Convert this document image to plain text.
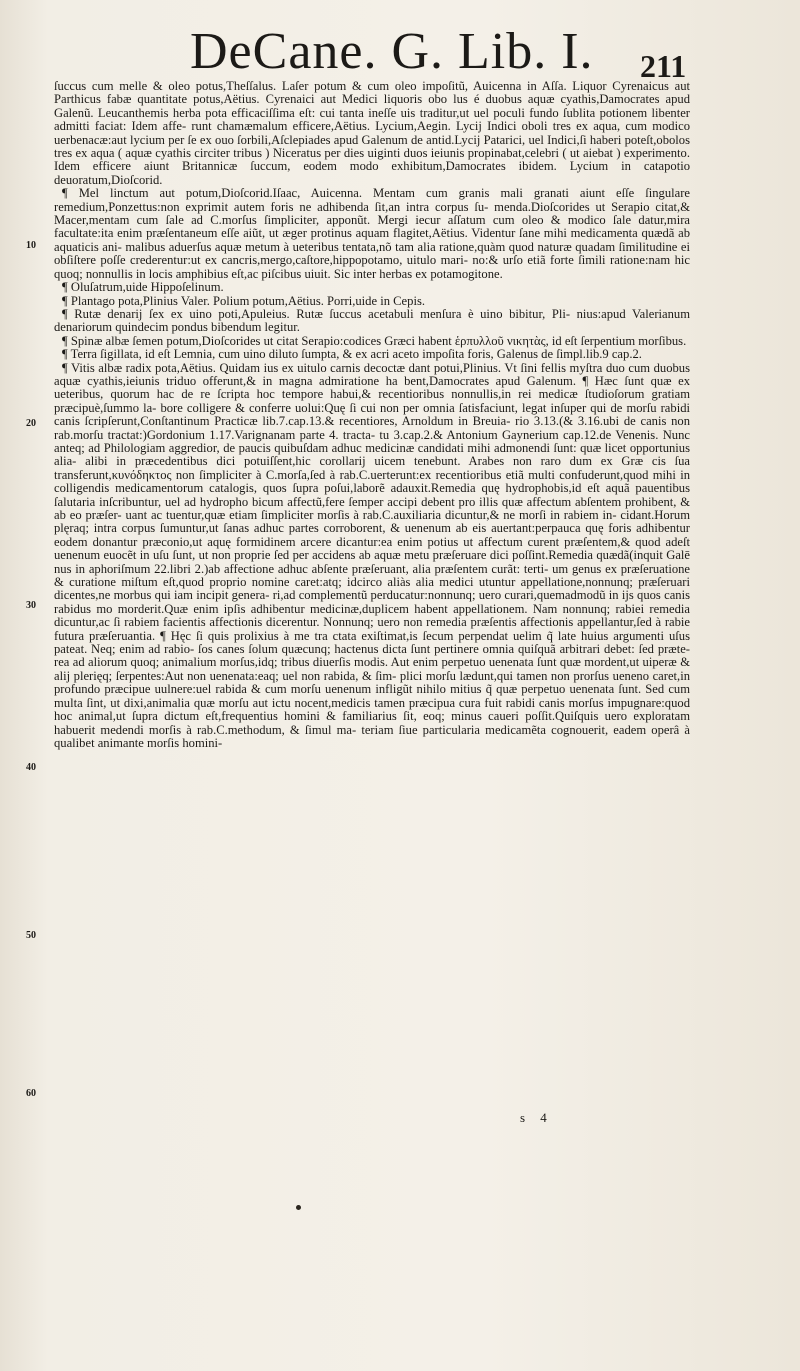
DeCane. G. Lib. I. 211
10
20
30
40
50
60

ſuccus cum melle & oleo potus,Theſſalus. Laſer potum & cum oleo impoſitũ, Auicenna in Aſſa. Liquor Cyrenaicus aut Parthicus fabæ quantitate potus,Aëtius. Cyrenaici aut Medici liquoris obo lus é duobus aquæ cyathis,Damocrates apud Galenũ. Leucanthemis herba pota efficaciſſima eſt: cui tanta ineſſe uis traditur,ut uel poculi fundo ſublita potionem libenter admitti faciat: Idem affe- runt chamæmalum efficere,Aëtius. Lycium,Aegin. Lycij Indici oboli tres ex aqua, cum modico uerbenacæ:aut lycium per ſe ex ouo ſorbili,Aſclepiades apud Galenum de antid.Lycij Patarici, uel Indici,ſi haberi poteſt,obolos tres ex aqua ( aquæ cyathis circiter tribus ) Niceratus per dies uiginti duos ieiunis propinabat,celebri ( ut aiebat ) experimento. Idem efficere aiunt Britannicæ ſuccum, eodem modo exhibitum,Damocrates ibidem. Lycium in catapotio deuoratum,Dioſcorid.

¶ Mel linctum aut potum,Dioſcorid.Iſaac, Auicenna. Mentam cum granis mali granati aiunt eſſe ſingulare remedium,Ponzettus:non exprimit autem foris ne adhibenda ſit,an intra corpus ſu- menda.Dioſcorides ut Serapio citat,& Macer,mentam cum ſale ad C.morſus ſimpliciter, apponũt. Mergi iecur aſſatum cum oleo & modico ſale datur,mira facultate:ita enim præſentaneum eſſe aiũt, ut æger protinus aquam flagitet,Aëtius. Videntur ſane mihi medicamenta quædã ab aquaticis ani- malibus aduerſus aquæ metum à ueteribus tentata,nõ tam alia ratione,quàm quod naturæ quadam ſimilitudine ei obſiſtere poſſe crederentur:ut ex cancris,mergo,caſtore,hippopotamo, uitulo mari- no:& urſo etiã forte ſimili ratione:nam hic quoq; nonnullis in locis amphibius eſt,ac piſcibus uiuit. Sic inter herbas ex potamogitone.

¶ Oluſatrum,uide Hippoſelinum.

¶ Plantago pota,Plinius Valer. Polium potum,Aëtius. Porri,uide in Cepis.

¶ Rutæ denarij ſex ex uino poti,Apuleius. Rutæ ſuccus acetabuli menſura è uino bibitur, Pli- nius:apud Valerianum denariorum quindecim pondus bibendum legitur.

¶ Spinæ albæ ſemen potum,Dioſcorides ut citat Serapio:codices Græci habent ἑρπυλλοῦ νικητὰς, id eſt ſerpentium morſibus.

¶ Terra ſigillata, id eſt Lemnia, cum uino diluto ſumpta, & ex acri aceto impoſita foris, Galenus de ſimpl.lib.9 cap.2.

¶ Vitis albæ radix pota,Aëtius. Quidam ius ex uitulo carnis decoctæ dant potui,Plinius. Vt ſini fellis myſtra duo cum duobus aquæ cyathis,ieiunis triduo offerunt,& in magna admiratione ha bent,Damocrates apud Galenum. ¶ Hæc ſunt quæ ex ueteribus, quorum hac de re ſcripta hoc tempore habui,& recentioribus nonnullis,in rei medicæ ſtudioſorum gratiam præcipuè,ſummo la- bore colligere & conferre uolui:Quę ſi cui non per omnia ſatisfaciunt, legat inſuper qui de morſu rabidi canis ſcripſerunt,Conſtantinum Practicæ lib.7.cap.13.& recentiores, Arnoldum in Breuia- rio 3.13.(& 3.16.ubi de canis non rab.morſu tractat:)Gordonium 1.17.Varignanam parte 4. tracta- tu 3.cap.2.& Antonium Gaynerium cap.12.de Venenis. Nunc anteq; ad Philologiam aggredior, de paucis quibuſdam adhuc medicinæ candidati mihi admonendi ſunt: quæ licet opportunius alia- alibi in præcedentibus dici potuiſſent,hic corollarij uicem tenebunt. Arabes non raro dum ex Græ cis ſua transferunt,κυνόδηκτος non ſimpliciter à C.morſa,ſed à rab.C.uerterunt:ex recentioribus etiã multi confuderunt,quod mihi in colligendis medicamentorum catalogis, quos ſupra poſui,laborẽ adauxit.Remedia quę hydrophobis,id eſt aquã pauentibus ſalutaria inſcribuntur, uel ad hydropho bicum affectũ,fere ſemper accipi debent pro illis quæ affectum abſentem prohibent, & ab eo præſer- uant ac tuentur,quæ etiam ſimpliciter morſis à rab.C.auxiliaria dicuntur,& ne morſi in rabiem in- cidant.Horum plęraq; intra corpus ſumuntur,ut ſanas adhuc partes corroborent, & uenenum ab eis auertant:perpauca quę foris adhibentur eodem donantur præconio,ut aquę formidinem arcere dicantur:ea enim potius ut affectum curent præſentem,& quod adeſt uenenum euocẽt in uſu ſunt, ut non proprie ſed per accidens ab aquæ metu præſeruare dici poſſint.Remedia quædã(inquit Galē nus in aphoriſmum 22.libri 2.)ab affectione adhuc abſente præſeruant, alia præſentem curãt: terti- um genus ex præſeruatione & curatione miſtum eſt,quod proprio nomine caret:atq; idcirco aliàs alia medici utuntur appellatione,nonnunq; præſeruari dicentes,ne morbus qui iam incipit genera- ri,ad complementũ perducatur:nonnunq; uero curari,quemadmodũ in ijs quos canis rabidus mo morderit.Quæ enim ipſis adhibentur medicinæ,duplicem habent appellationem. Nam nonnunq; rabiei remedia dicuntur,ac ſi rabiem facientis affectionis dicerentur. Nonnunq; uero non remedia præſentis affectionis appellantur,ſed à rabie futura præſeruantia. ¶ Hęc ſi quis prolixius à me tra ctata exiſtimat,is ſecum perpendat uelim q̃ late huius argumenti uſus pateat. Neq; enim ad rabio- ſos canes ſolum quæcunq; hactenus dicta ſunt pertinere omnia quiſquã arbitrari debet: ſed præte- rea ad aliorum quoq; animalium morſus,idq; tribus diuerſis modis. Aut enim perpetuo uenenata ſunt quæ mordent,ut uiperæ & alij plerięq; ſerpentes:Aut non uenenata:eaq; uel non rabida, & ſim- plici morſu lædunt,qui tamen non prorſus ueneno caret,in profundo præcipue uulnere:uel rabida & cum morſu uenenum infligũt nihilo mitius q̃ quæ perpetuo uenenata ſunt. Sed cum multa ſint, ut dixi,animalia quæ morſu aut ictu nocent,medicis tamen præcipua cura fuit rabidi canis morſus impugnare:quod hoc animal,ut ſupra dictum eſt,frequentius homini & familiarius ſit, eoq; minus caueri poſſit.Quiſquis uero exploratam habuerit medendi morſis à rab.C.methodum, & ſimul ma- teriam ſiue particularia medicamẽta cognouerit, eadem operâ à qualibet animante morſis homini-

s 4
